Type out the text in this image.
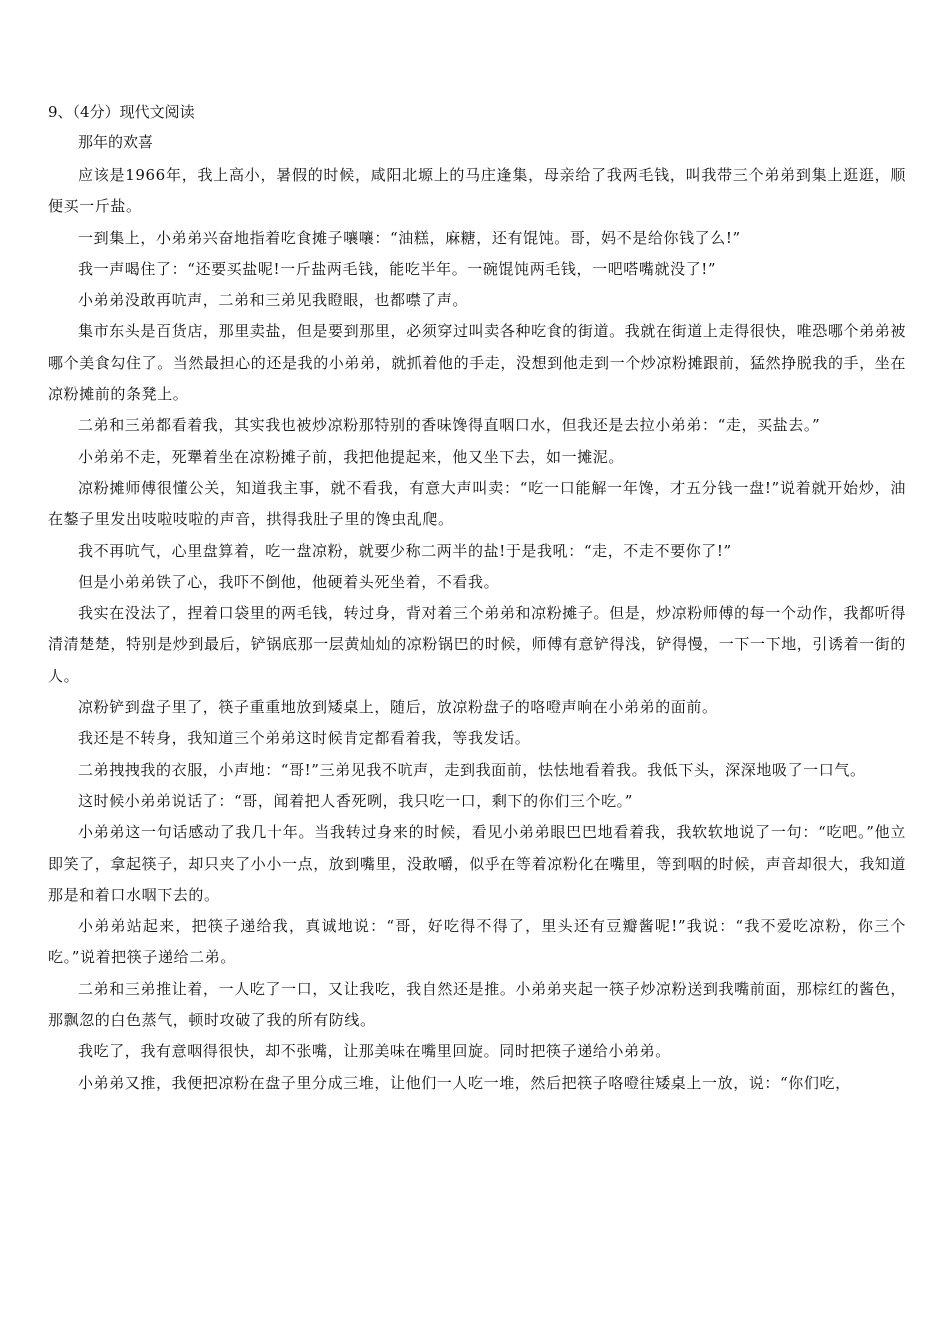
9、（4分）现代文阅读
那年的欢喜

应该是1966年，我上高小，暑假的时候，咸阳北塬上的马庄逢集，母亲给了我两毛钱，叫我带三个弟弟到集上逛逛，顺便买一斤盐。

一到集上，小弟弟兴奋地指着吃食摊子嚷嚷：“油糕，麻糖，还有馄饨。哥，妈不是给你钱了么!”

我一声喝住了：“还要买盐呢!一斤盐两毛钱，能吃半年。一碗馄饨两毛钱，一吧嗒嘴就没了!”

小弟弟没敢再吭声，二弟和三弟见我瞪眼，也都噤了声。

集市东头是百货店，那里卖盐，但是要到那里，必须穿过叫卖各种吃食的街道。我就在街道上走得很快，唯恐哪个弟弟被哪个美食勾住了。当然最担心的还是我的小弟弟，就抓着他的手走，没想到他走到一个炒凉粉摊跟前，猛然挣脱我的手，坐在凉粉摊前的条凳上。

二弟和三弟都看着我，其实我也被炒凉粉那特别的香味馋得直咽口水，但我还是去拉小弟弟：“走，买盐去。”

小弟弟不走，死犟着坐在凉粉摊子前，我把他提起来，他又坐下去，如一摊泥。

凉粉摊师傅很懂公关，知道我主事，就不看我，有意大声叫卖：“吃一口能解一年馋，才五分钱一盘!”说着就开始炒，油在鏊子里发出吱啦吱啦的声音，拱得我肚子里的馋虫乱爬。

我不再吭气，心里盘算着，吃一盘凉粉，就要少称二两半的盐!于是我吼：“走，不走不要你了!”

但是小弟弟铁了心，我吓不倒他，他硬着头死坐着，不看我。

我实在没法了，捏着口袋里的两毛钱，转过身，背对着三个弟弟和凉粉摊子。但是，炒凉粉师傅的每一个动作，我都听得清清楚楚，特别是炒到最后，铲锅底那一层黄灿灿的凉粉锅巴的时候，师傅有意铲得浅，铲得慢，一下一下地，引诱着一街的人。

凉粉铲到盘子里了，筷子重重地放到矮桌上，随后，放凉粉盘子的咯噔声响在小弟弟的面前。

我还是不转身，我知道三个弟弟这时候肯定都看着我，等我发话。

二弟拽拽我的衣服，小声地：“哥!”三弟见我不吭声，走到我面前，怯怯地看着我。我低下头，深深地吸了一口气。

这时候小弟弟说话了：“哥，闻着把人香死咧，我只吃一口，剩下的你们三个吃。”

小弟弟这一句话感动了我几十年。当我转过身来的时候，看见小弟弟眼巴巴地看着我，我软软地说了一句：“吃吧。”他立即笑了，拿起筷子，却只夹了小小一点，放到嘴里，没敢嚼，似乎在等着凉粉化在嘴里，等到咽的时候，声音却很大，我知道那是和着口水咽下去的。

小弟弟站起来，把筷子递给我，真诚地说：“哥，好吃得不得了，里头还有豆瓣酱呢!”我说：“我不爱吃凉粉，你三个吃。”说着把筷子递给二弟。

二弟和三弟推让着，一人吃了一口，又让我吃，我自然还是推。小弟弟夹起一筷子炒凉粉送到我嘴前面，那棕红的酱色，那飘忽的白色蒸气，顿时攻破了我的所有防线。

我吃了，我有意咽得很快，却不张嘴，让那美味在嘴里回旋。同时把筷子递给小弟弟。

小弟弟又推，我便把凉粉在盘子里分成三堆，让他们一人吃一堆，然后把筷子咯噔往矮桌上一放，说：“你们吃，
